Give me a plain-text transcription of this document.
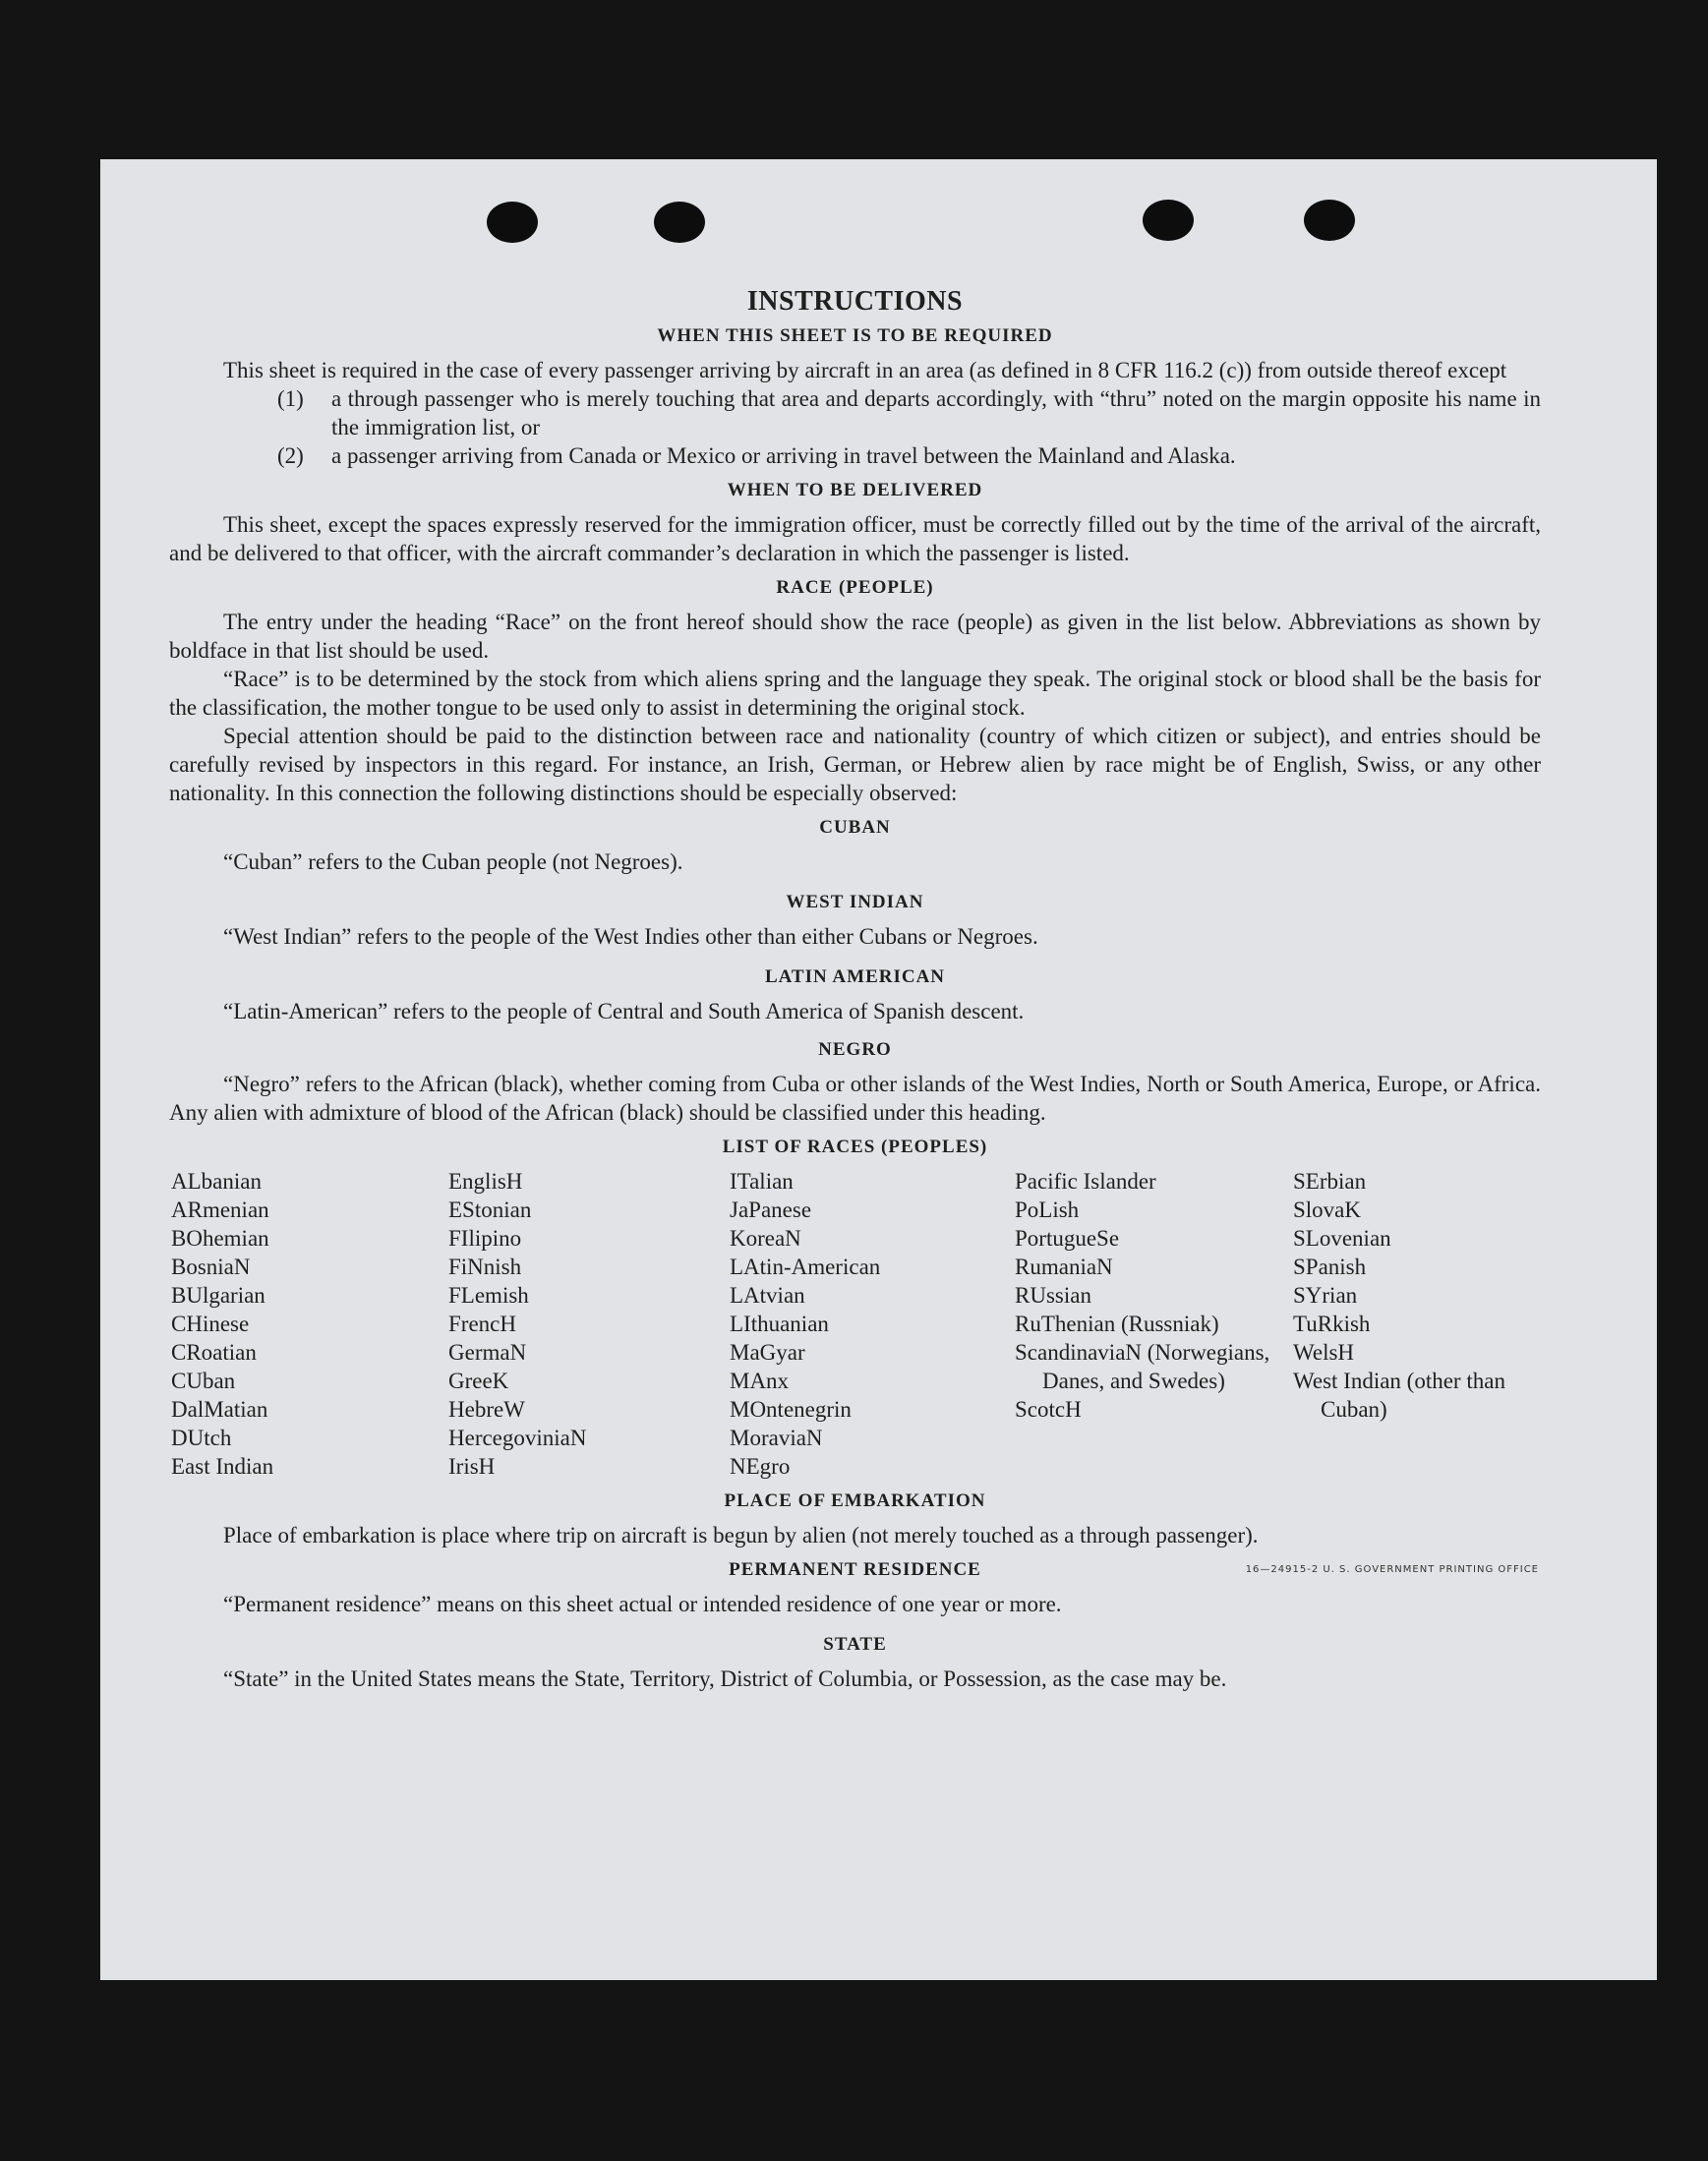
INSTRUCTIONS
WHEN THIS SHEET IS TO BE REQUIRED

This sheet is required in the case of every passenger arriving by aircraft in an area (as defined in 8 CFR 116.2 (c)) from outside thereof except

(1)	a through passenger who is merely touching that area and departs accordingly, with “thru” noted on the margin opposite his name in the immigration list, or
(2)	a passenger arriving from Canada or Mexico or arriving in travel between the Mainland and Alaska.
WHEN TO BE DELIVERED

This sheet, except the spaces expressly reserved for the immigration officer, must be correctly filled out by the time of the arrival of the aircraft, and be delivered to that officer, with the aircraft commander’s declaration in which the passenger is listed.

RACE (PEOPLE)

The entry under the heading “Race” on the front hereof should show the race (people) as given in the list below. Abbreviations as shown by boldface in that list should be used.

“Race” is to be determined by the stock from which aliens spring and the language they speak. The original stock or blood shall be the basis for the classification, the mother tongue to be used only to assist in determining the original stock.

Special attention should be paid to the distinction between race and nationality (country of which citizen or subject), and entries should be carefully revised by inspectors in this regard. For instance, an Irish, German, or Hebrew alien by race might be of English, Swiss, or any other nationality. In this connection the following distinctions should be especially observed:

CUBAN

“Cuban” refers to the Cuban people (not Negroes).

WEST INDIAN

“West Indian” refers to the people of the West Indies other than either Cubans or Negroes.

LATIN AMERICAN

“Latin-American” refers to the people of Central and South America of Spanish descent.

NEGRO

“Negro” refers to the African (black), whether coming from Cuba or other islands of the West Indies, North or South America, Europe, or Africa. Any alien with admixture of blood of the African (black) should be classified under this heading.

LIST OF RACES (PEOPLES)
ALbanian
ARmenian
BOhemian
BosniaN
BUlgarian
CHinese
CRoatian
CUban
DalMatian
DUtch
East Indian
EnglisH
EStonian
FIlipino
FiNnish
FLemish
FrencH
GermaN
GreeK
HebreW
HercegoviniaN
IrisH
ITalian
JaPanese
KoreaN
LAtin-American
LAtvian
LIthuanian
MaGyar
MAnx
MOntenegrin
MoraviaN
NEgro
Pacific Islander
PoLish
PortugueSe
RumaniaN
RUssian
RuThenian (Russniak)
ScandinaviaN (Norwegians, Danes, and Swedes)
ScotcH
SErbian
SlovaK
SLovenian
SPanish
SYrian
TuRkish
WelsH
West Indian (other than Cuban)
PLACE OF EMBARKATION

Place of embarkation is place where trip on aircraft is begun by alien (not merely touched as a through passenger).

PERMANENT RESIDENCE

“Permanent residence” means on this sheet actual or intended residence of one year or more.

STATE

“State” in the United States means the State, Territory, District of Columbia, or Possession, as the case may be.

16—24915-2 U. S. GOVERNMENT PRINTING OFFICE
